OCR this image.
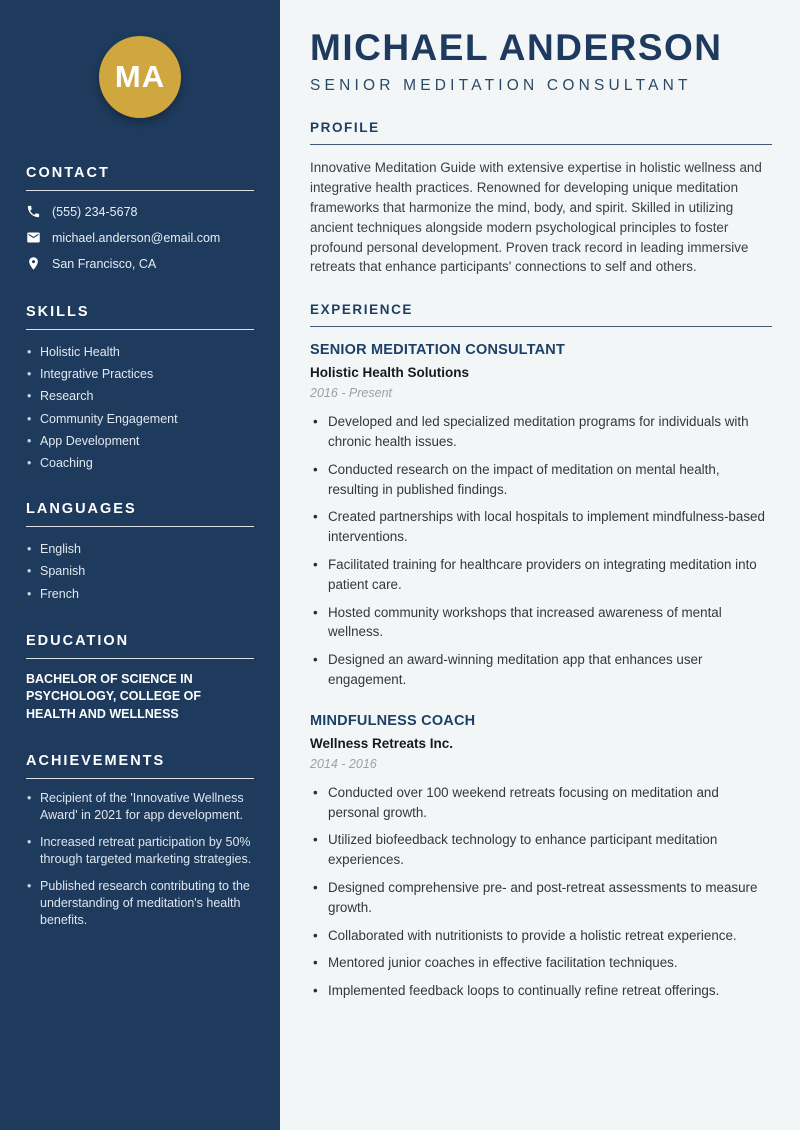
MA
CONTACT
(555) 234-5678
michael.anderson@email.com
San Francisco, CA
SKILLS
• Holistic Health
• Integrative Practices
• Research
• Community Engagement
• App Development
• Coaching
LANGUAGES
• English
• Spanish
• French
EDUCATION

BACHELOR OF SCIENCE IN PSYCHOLOGY, COLLEGE OF HEALTH AND WELLNESS

ACHIEVEMENTS
• Recipient of the 'Innovative Wellness Award' in 2021 for app development.
• Increased retreat participation by 50% through targeted marketing strategies.
• Published research contributing to the understanding of meditation's health benefits.
MICHAEL ANDERSON
SENIOR MEDITATION CONSULTANT
PROFILE

Innovative Meditation Guide with extensive expertise in holistic wellness and integrative health practices. Renowned for developing unique meditation frameworks that harmonize the mind, body, and spirit. Skilled in utilizing ancient techniques alongside modern psychological principles to foster profound personal development. Proven track record in leading immersive retreats that enhance participants' connections to self and others.

EXPERIENCE
SENIOR MEDITATION CONSULTANT
Holistic Health Solutions
2016 - Present
• Developed and led specialized meditation programs for individuals with chronic health issues.
• Conducted research on the impact of meditation on mental health, resulting in published findings.
• Created partnerships with local hospitals to implement mindfulness-based interventions.
• Facilitated training for healthcare providers on integrating meditation into patient care.
• Hosted community workshops that increased awareness of mental wellness.
• Designed an award-winning meditation app that enhances user engagement.
MINDFULNESS COACH
Wellness Retreats Inc.
2014 - 2016
• Conducted over 100 weekend retreats focusing on meditation and personal growth.
• Utilized biofeedback technology to enhance participant meditation experiences.
• Designed comprehensive pre- and post-retreat assessments to measure growth.
• Collaborated with nutritionists to provide a holistic retreat experience.
• Mentored junior coaches in effective facilitation techniques.
• Implemented feedback loops to continually refine retreat offerings.
